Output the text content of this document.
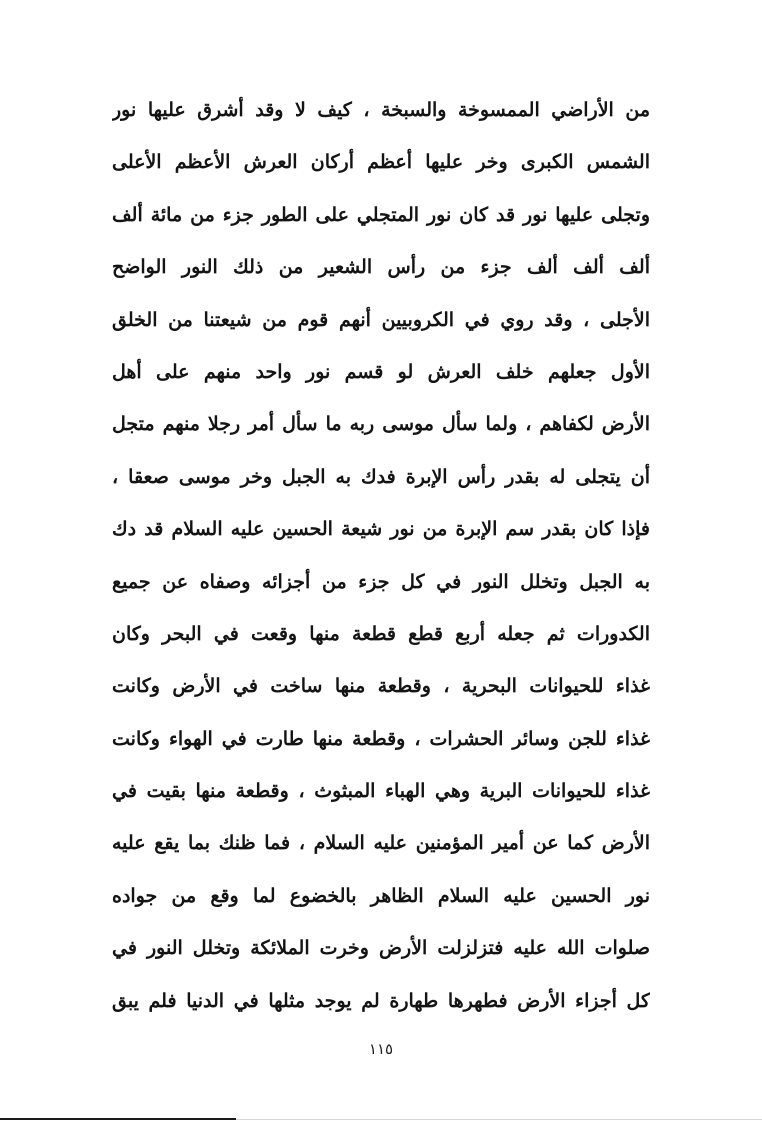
من الأراضي الممسوخة والسبخة ، كيف لا وقد أشرق عليها نور
الشمس الكبرى وخر عليها أعظم أركان العرش الأعظم الأعلى
وتجلى عليها نور قد كان نور المتجلي على الطور جزء من مائة ألف
ألف ألف ألف جزء من رأس الشعير من ذلك النور الواضح
الأجلى ، وقد روي في الكروبيين أنهم قوم من شيعتنا من الخلق
الأول جعلهم خلف العرش لو قسم نور واحد منهم على أهل
الأرض لكفاهم ، ولما سأل موسى ربه ما سأل أمر رجلا منهم متجل
أن يتجلى له بقدر رأس الإبرة فدك به الجبل وخر موسى صعقا ،
فإذا كان بقدر سم الإبرة من نور شيعة الحسين عليه السلام قد دك
به الجبل وتخلل النور في كل جزء من أجزائه وصفاه عن جميع
الكدورات ثم جعله أربع قطع قطعة منها وقعت في البحر وكان
غذاء للحيوانات البحرية ، وقطعة منها ساخت في الأرض وكانت
غذاء للجن وسائر الحشرات ، وقطعة منها طارت في الهواء وكانت
غذاء للحيوانات البرية وهي الهباء المبثوث ، وقطعة منها بقيت في
الأرض كما عن أمير المؤمنين عليه السلام ، فما ظنك بما يقع عليه
نور الحسين عليه السلام الظاهر بالخضوع لما وقع من جواده
صلوات الله عليه فتزلزلت الأرض وخرت الملائكة وتخلل النور في
كل أجزاء الأرض فطهرها طهارة لم يوجد مثلها في الدنيا فلم يبق
١١٥
